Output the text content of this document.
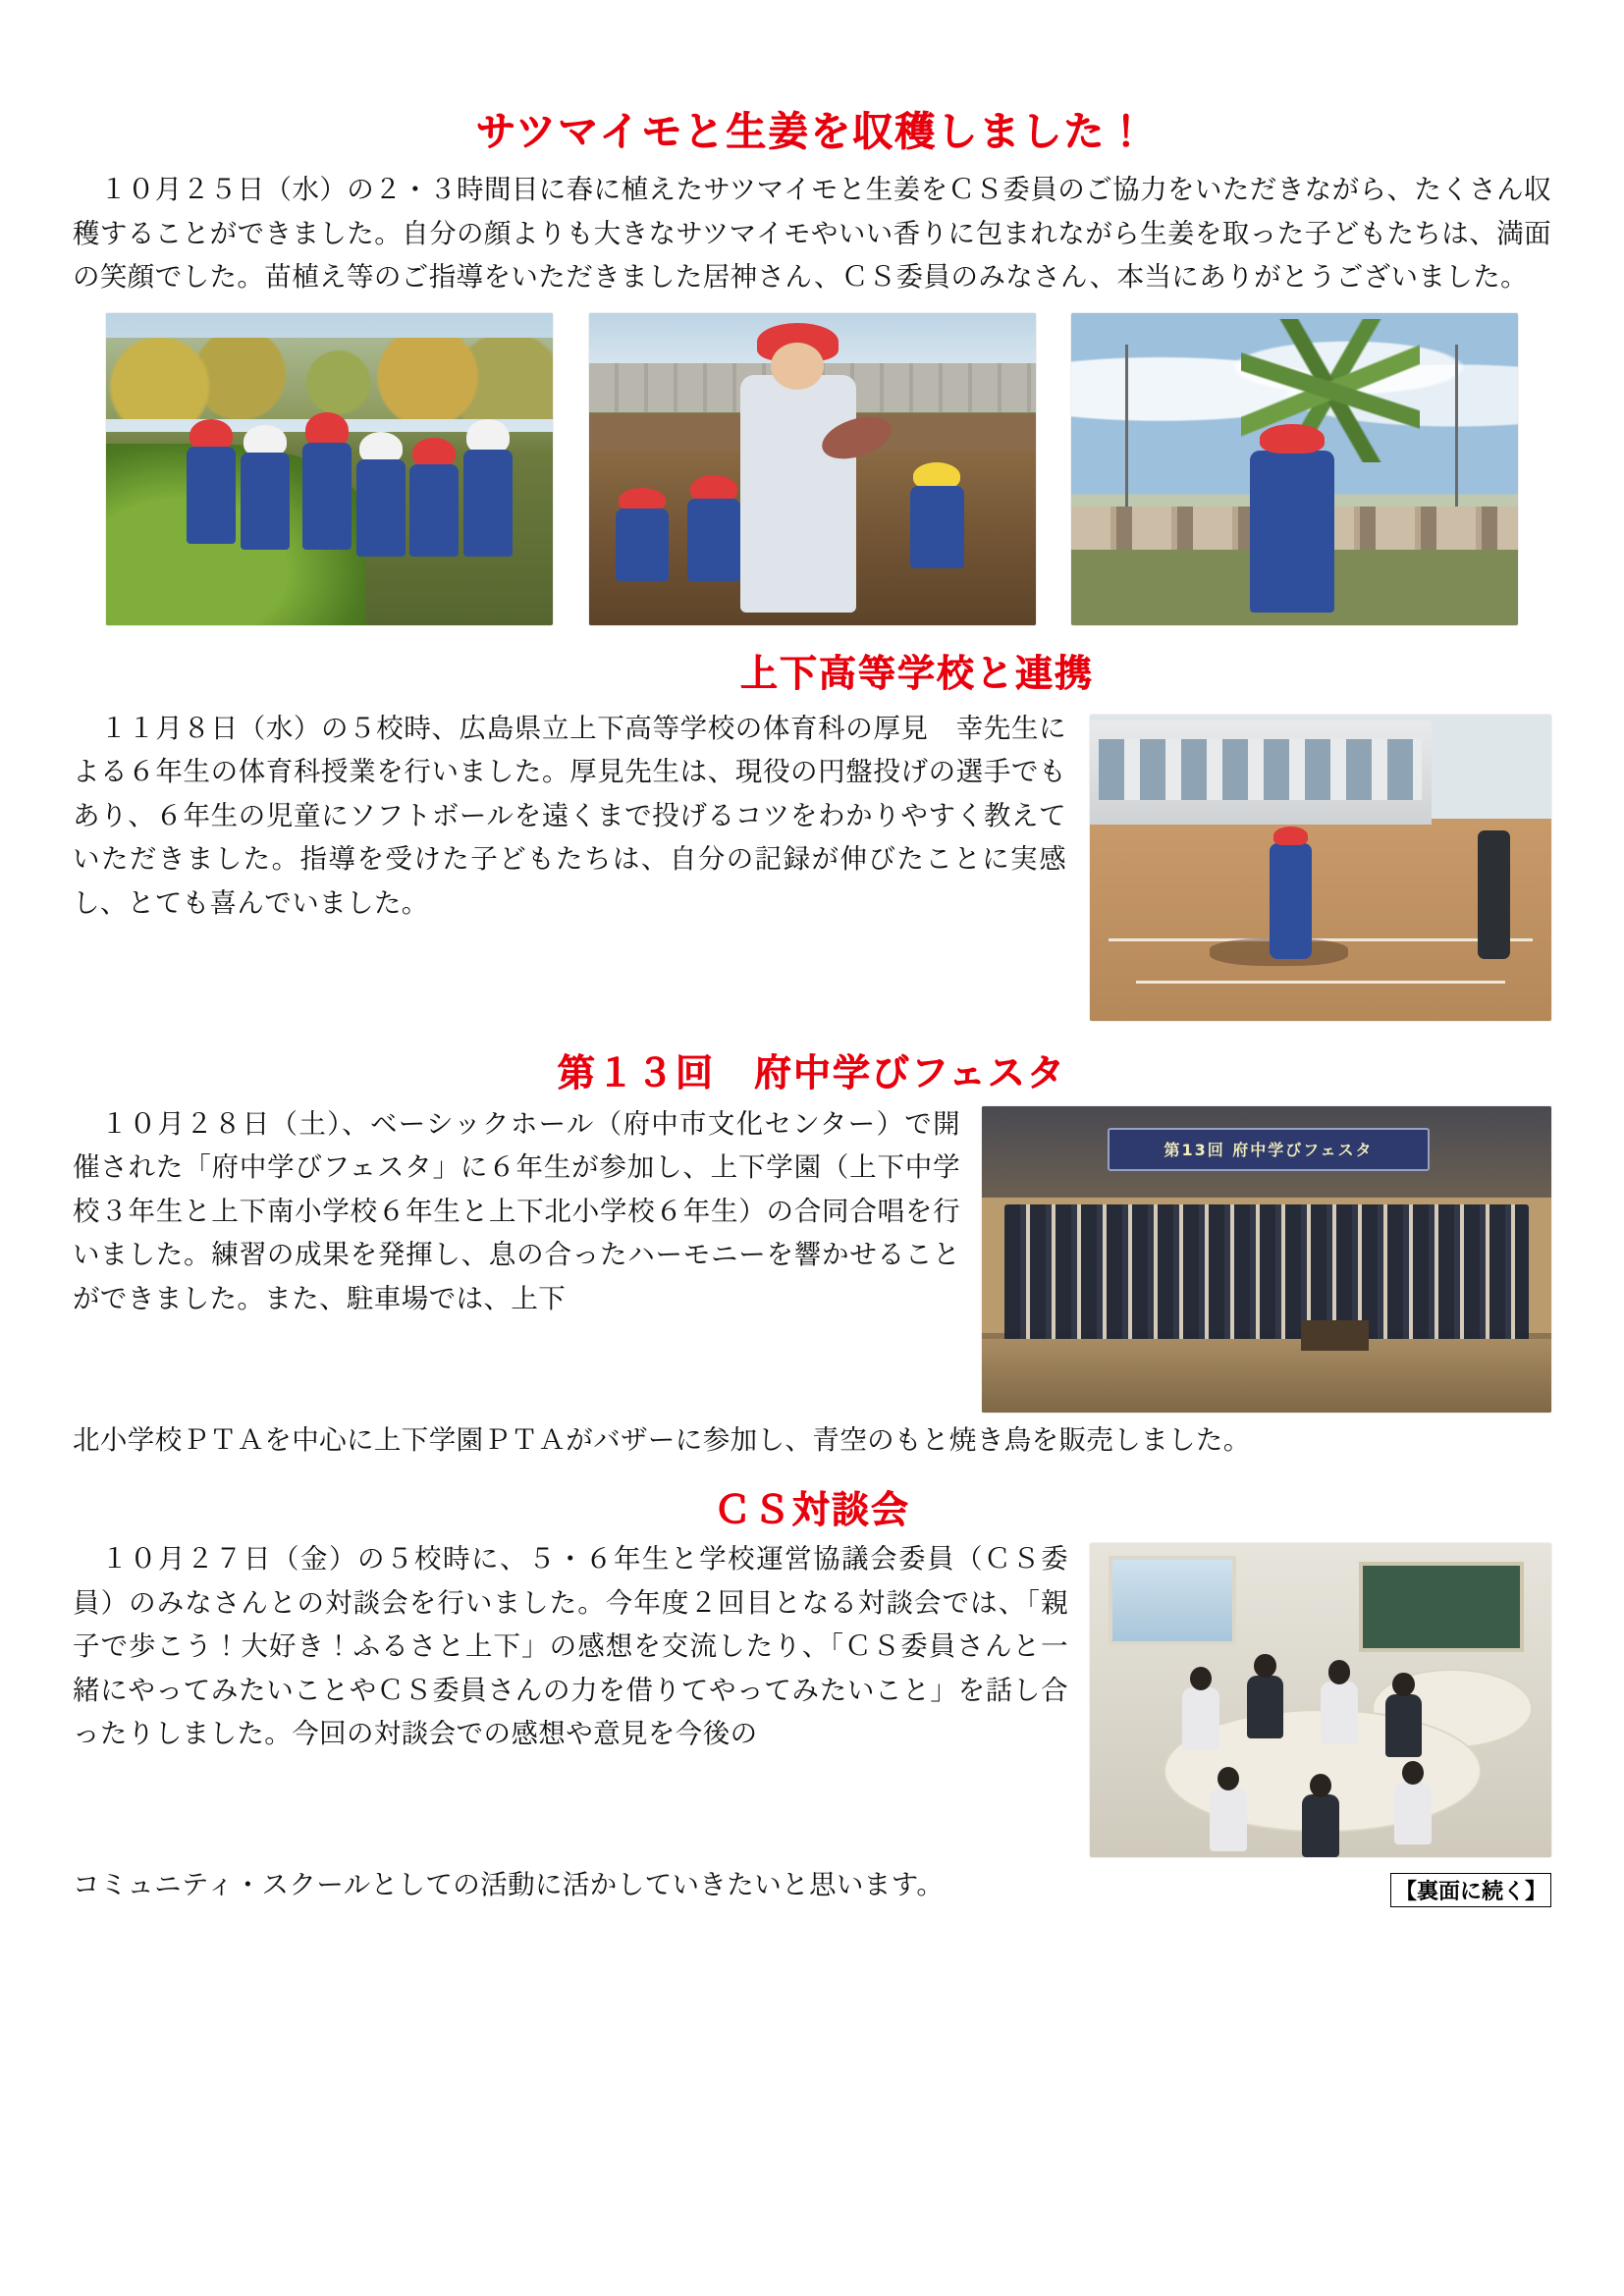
サツマイモと生姜を収穫しました！
　１０月２５日（水）の２・３時間目に春に植えたサツマイモと生姜をＣＳ委員のご協力をいただきながら、たくさん収穫することができました。自分の顔よりも大きなサツマイモやいい香りに包まれながら生姜を取った子どもたちは、満面の笑顔でした。苗植え等のご指導をいただきました居神さん、ＣＳ委員のみなさん、本当にありがとうございました。
上下高等学校と連携
　１１月８日（水）の５校時、広島県立上下高等学校の体育科の厚見　幸先生による６年生の体育科授業を行いました。厚見先生は、現役の円盤投げの選手でもあり、６年生の児童にソフトボールを遠くまで投げるコツをわかりやすく教えていただきました。指導を受けた子どもたちは、自分の記録が伸びたことに実感し、とても喜んでいました。
第１３回　府中学びフェスタ
第13回 府中学びフェスタ
　１０月２８日（土）、ベーシックホール（府中市文化センター）で開催された「府中学びフェスタ」に６年生が参加し、上下学園（上下中学校３年生と上下南小学校６年生と上下北小学校６年生）の合同合唱を行いました。練習の成果を発揮し、息の合ったハーモニーを響かせることができました。また、駐車場では、上下
北小学校ＰＴＡを中心に上下学園ＰＴＡがバザーに参加し、青空のもと焼き鳥を販売しました。
ＣＳ対談会
　１０月２７日（金）の５校時に、５・６年生と学校運営協議会委員（ＣＳ委員）のみなさんとの対談会を行いました。今年度２回目となる対談会では、「親子で歩こう！大好き！ふるさと上下」の感想を交流したり、「ＣＳ委員さんと一緒にやってみたいことやＣＳ委員さんの力を借りてやってみたいこと」を話し合ったりしました。今回の対談会での感想や意見を今後の
コミュニティ・スクールとしての活動に活かしていきたいと思います。	【裏面に続く】
